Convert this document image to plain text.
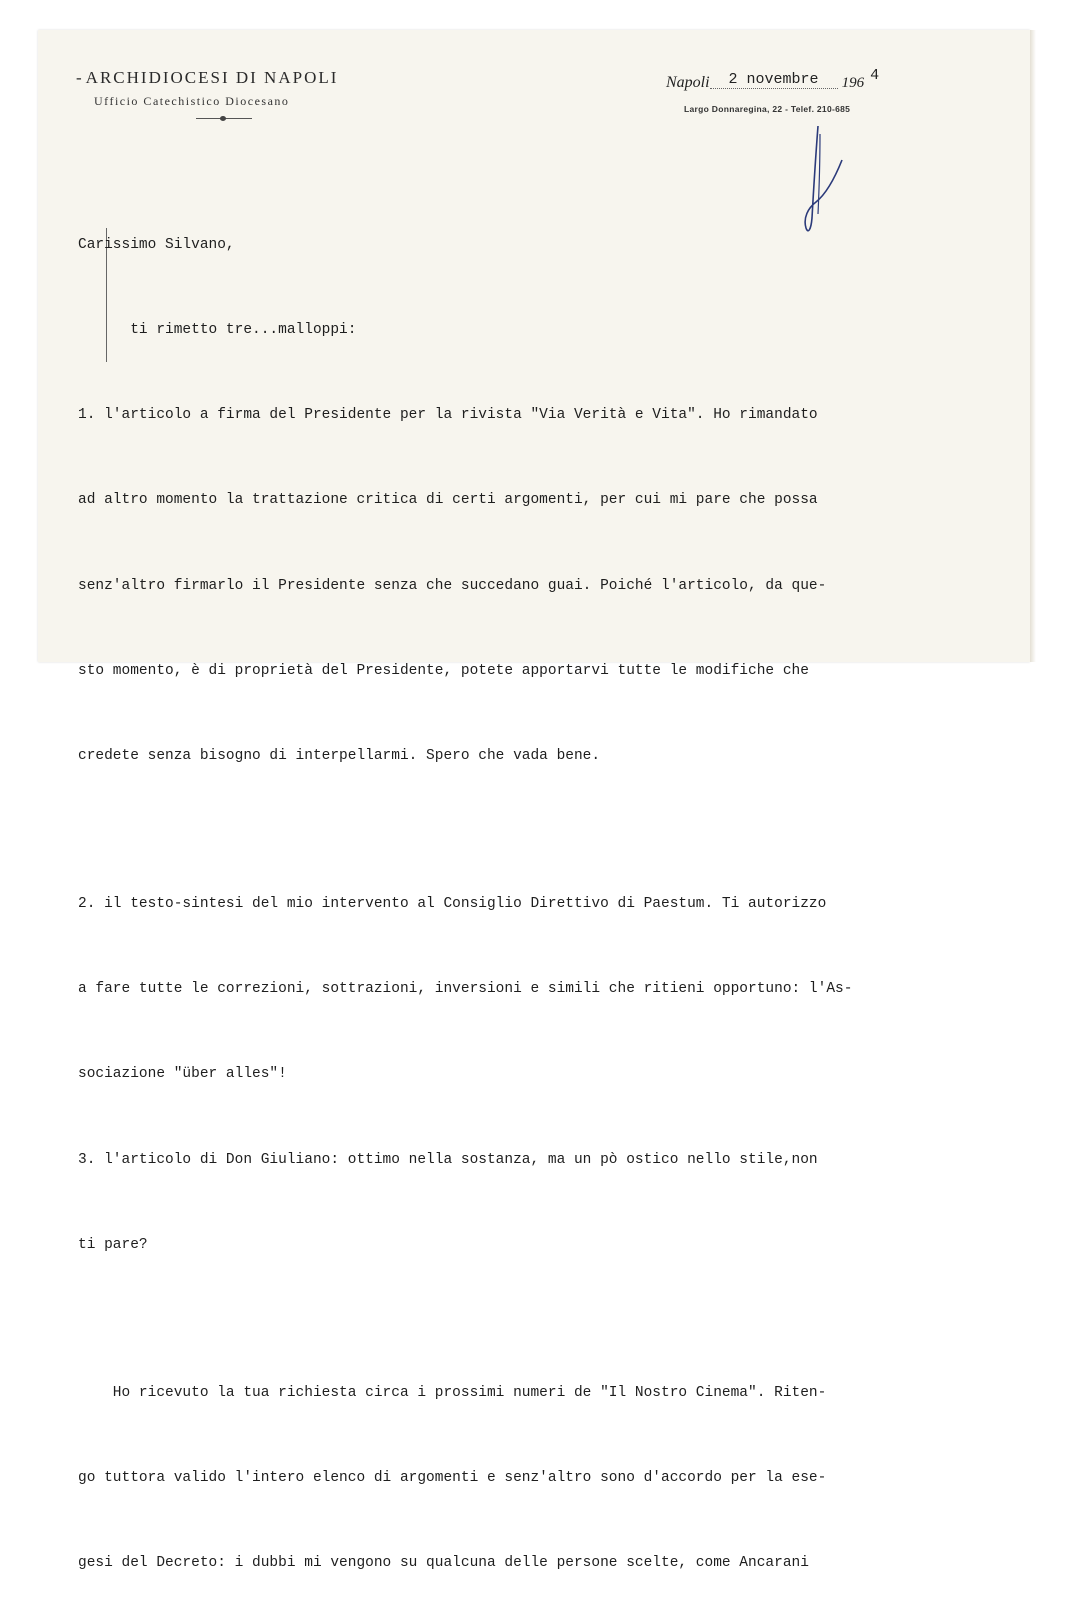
- ARCHIDIOCESI DI NAPOLI
Ufficio Catechistico Diocesano
Napoli 2 novembre 196 4
Largo Donnaregina, 22 - Telef. 210-685

Carissimo Silvano,

ti rimetto tre...malloppi:

1. l'articolo a firma del Presidente per la rivista "Via Verità e Vita". Ho rimandato

ad altro momento la trattazione critica di certi argomenti, per cui mi pare che possa

senz'altro firmarlo il Presidente senza che succedano guai. Poiché l'articolo, da que-

sto momento, è di proprietà del Presidente, potete apportarvi tutte le modifiche che

credete senza bisogno di interpellarmi. Spero che vada bene.

2. il testo-sintesi del mio intervento al Consiglio Direttivo di Paestum. Ti autorizzo

a fare tutte le correzioni, sottrazioni, inversioni e simili che ritieni opportuno: l'As-

sociazione "über alles"!

3. l'articolo di Don Giuliano: ottimo nella sostanza, ma un pò ostico nello stile,non

ti pare?

Ho ricevuto la tua richiesta circa i prossimi numeri de "Il Nostro Cinema". Riten-

go tuttora valido l'intero elenco di argomenti e senz'altro sono d'accordo per la ese-

gesi del Decreto: i dubbi mi vengono su qualcuna delle persone scelte, come Ancarani
